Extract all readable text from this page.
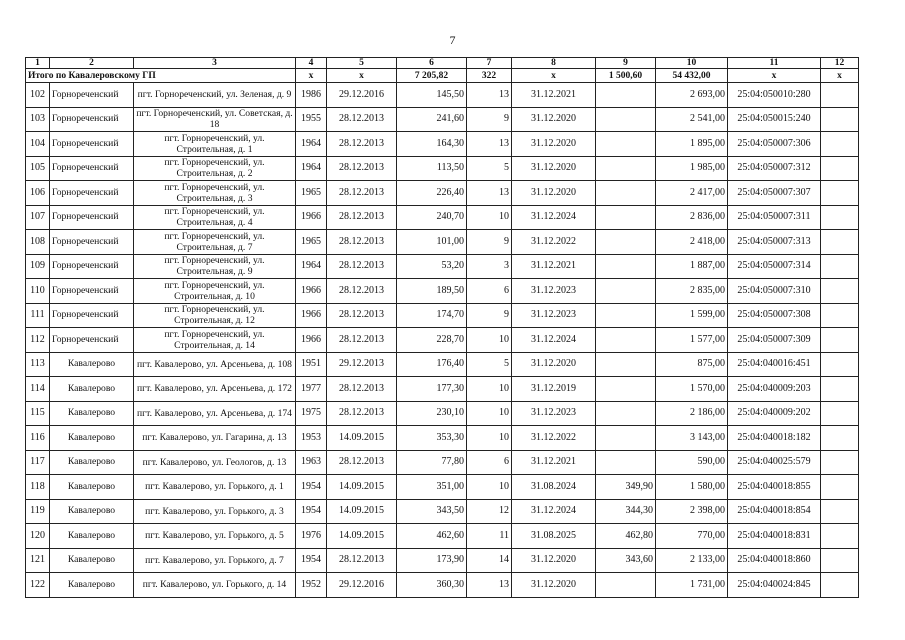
7
1	2	3	4	5	6	7	8	9	10	11	12
Итого по Кавалеровскому ГП			x	x	7 205,82	322	x	1 500,60	54 432,00	x	x
102	Горнореченский	пгт. Горнореченский, ул. Зеленая, д. 9	1986	29.12.2016	145,50	13	31.12.2021		2 693,00	25:04:050010:280	
103	Горнореченский	пгт. Горнореченский, ул. Советская, д. 18	1955	28.12.2013	241,60	9	31.12.2020		2 541,00	25:04:050015:240	
104	Горнореченский	пгт. Горнореченский, ул. Строительная, д. 1	1964	28.12.2013	164,30	13	31.12.2020		1 895,00	25:04:050007:306	
105	Горнореченский	пгт. Горнореченский, ул. Строительная, д. 2	1964	28.12.2013	113,50	5	31.12.2020		1 985,00	25:04:050007:312	
106	Горнореченский	пгт. Горнореченский, ул. Строительная, д. 3	1965	28.12.2013	226,40	13	31.12.2020		2 417,00	25:04:050007:307	
107	Горнореченский	пгт. Горнореченский, ул. Строительная, д. 4	1966	28.12.2013	240,70	10	31.12.2024		2 836,00	25:04:050007:311	
108	Горнореченский	пгт. Горнореченский, ул. Строительная, д. 7	1965	28.12.2013	101,00	9	31.12.2022		2 418,00	25:04:050007:313	
109	Горнореченский	пгт. Горнореченский, ул. Строительная, д. 9	1964	28.12.2013	53,20	3	31.12.2021		1 887,00	25:04:050007:314	
110	Горнореченский	пгт. Горнореченский, ул. Строительная, д. 10	1966	28.12.2013	189,50	6	31.12.2023		2 835,00	25:04:050007:310	
111	Горнореченский	пгт. Горнореченский, ул. Строительная, д. 12	1966	28.12.2013	174,70	9	31.12.2023		1 599,00	25:04:050007:308	
112	Горнореченский	пгт. Горнореченский, ул. Строительная, д. 14	1966	28.12.2013	228,70	10	31.12.2024		1 577,00	25:04:050007:309	
113	Кавалерово	пгт. Кавалерово, ул. Арсеньева, д. 108	1951	29.12.2013	176,40	5	31.12.2020		875,00	25:04:040016:451	
114	Кавалерово	пгт. Кавалерово, ул. Арсеньева, д. 172	1977	28.12.2013	177,30	10	31.12.2019		1 570,00	25:04:040009:203	
115	Кавалерово	пгт. Кавалерово, ул. Арсеньева, д. 174	1975	28.12.2013	230,10	10	31.12.2023		2 186,00	25:04:040009:202	
116	Кавалерово	пгт. Кавалерово, ул. Гагарина, д. 13	1953	14.09.2015	353,30	10	31.12.2022		3 143,00	25:04:040018:182	
117	Кавалерово	пгт. Кавалерово, ул. Геологов, д. 13	1963	28.12.2013	77,80	6	31.12.2021		590,00	25:04:040025:579	
118	Кавалерово	пгт. Кавалерово, ул. Горького, д. 1	1954	14.09.2015	351,00	10	31.08.2024	349,90	1 580,00	25:04:040018:855	
119	Кавалерово	пгт. Кавалерово, ул. Горького, д. 3	1954	14.09.2015	343,50	12	31.12.2024	344,30	2 398,00	25:04:040018:854	
120	Кавалерово	пгт. Кавалерово, ул. Горького, д. 5	1976	14.09.2015	462,60	11	31.08.2025	462,80	770,00	25:04:040018:831	
121	Кавалерово	пгт. Кавалерово, ул. Горького, д. 7	1954	28.12.2013	173,90	14	31.12.2020	343,60	2 133,00	25:04:040018:860	
122	Кавалерово	пгт. Кавалерово, ул. Горького, д. 14	1952	29.12.2016	360,30	13	31.12.2020		1 731,00	25:04:040024:845	
